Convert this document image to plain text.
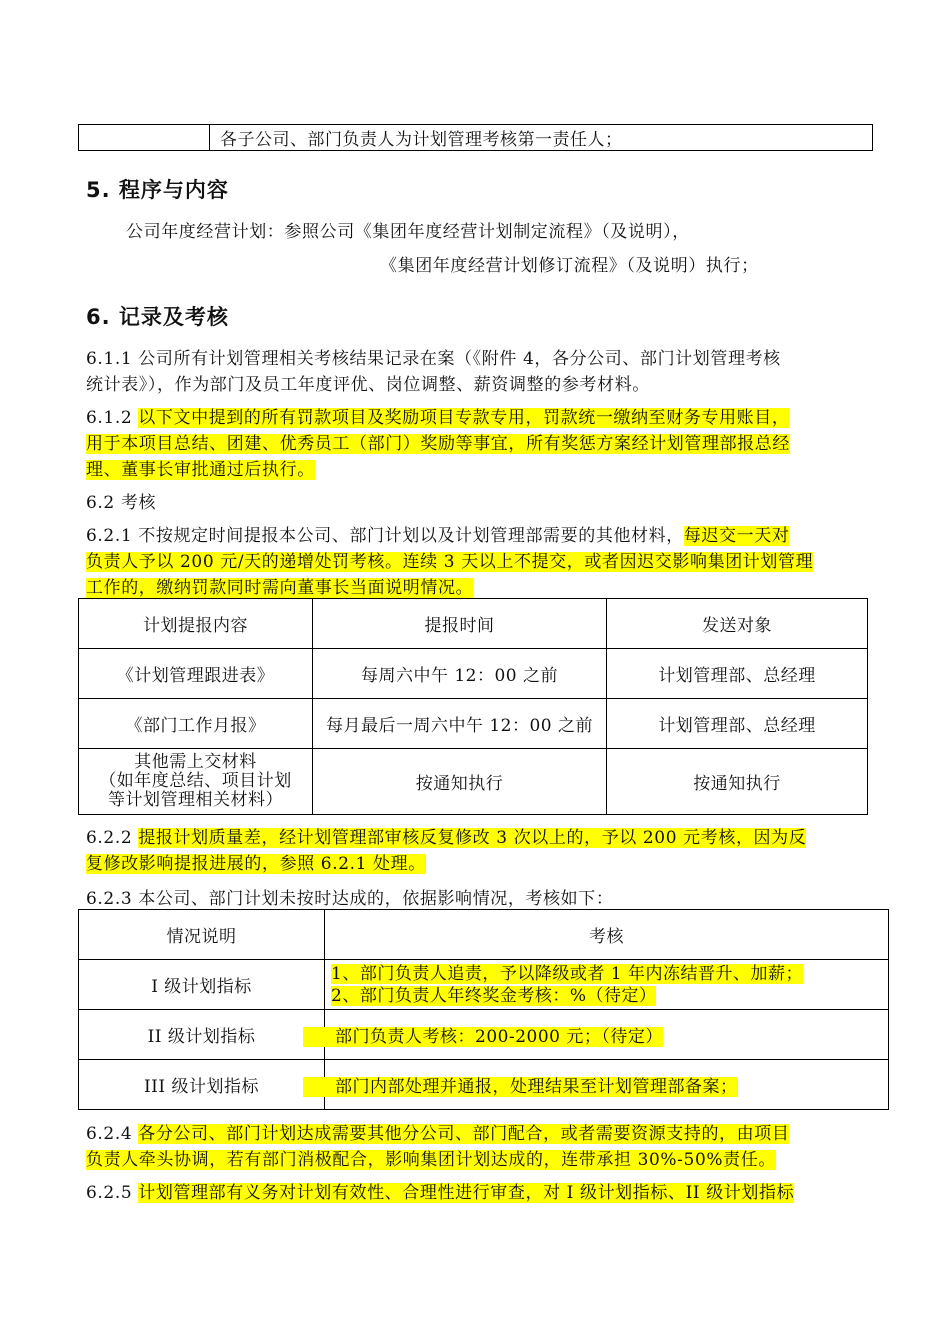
	各子公司、部门负责人为计划管理考核第一责任人；
5. 程序与内容

公司年度经营计划：参照公司《集团年度经营计划制定流程》（及说明），

《集团年度经营计划修订流程》（及说明）执行；

6. 记录及考核

6.1.1 公司所有计划管理相关考核结果记录在案（《附件 4，各分公司、部门计划管理考核
统计表》），作为部门及员工年度评优、岗位调整、薪资调整的参考材料。

6.1.2 以下文中提到的所有罚款项目及奖励项目专款专用，罚款统一缴纳至财务专用账目，
用于本项目总结、团建、优秀员工（部门）奖励等事宜，所有奖惩方案经计划管理部报总经
理、董事长审批通过后执行。

6.2 考核

6.2.1 不按规定时间提报本公司、部门计划以及计划管理部需要的其他材料，每迟交一天对
负责人予以 200 元/天的递增处罚考核。连续 3 天以上不提交，或者因迟交影响集团计划管理
工作的，缴纳罚款同时需向董事长当面说明情况。

计划提报内容	提报时间	发送对象
《计划管理跟进表》	每周六中午 12：00 之前	计划管理部、总经理
《部门工作月报》	每月最后一周六中午 12：00 之前	计划管理部、总经理
其他需上交材料
（如年度总结、项目计划
等计划管理相关材料）	按通知执行	按通知执行

6.2.2 提报计划质量差，经计划管理部审核反复修改 3 次以上的，予以 200 元考核，因为反
复修改影响提报进展的，参照 6.2.1 处理。

6.2.3 本公司、部门计划未按时达成的，依据影响情况，考核如下：

情况说明	考核
I 级计划指标	1、部门负责人追责，予以降级或者 1 年内冻结晋升、加薪；
2、部门负责人年终奖金考核：%（待定）
II 级计划指标	部门负责人考核：200-2000 元；（待定）
III 级计划指标	部门内部处理并通报，处理结果至计划管理部备案；

6.2.4 各分公司、部门计划达成需要其他分公司、部门配合，或者需要资源支持的，由项目
负责人牵头协调，若有部门消极配合，影响集团计划达成的，连带承担 30%-50%责任。

6.2.5 计划管理部有义务对计划有效性、合理性进行审查，对 I 级计划指标、II 级计划指标
